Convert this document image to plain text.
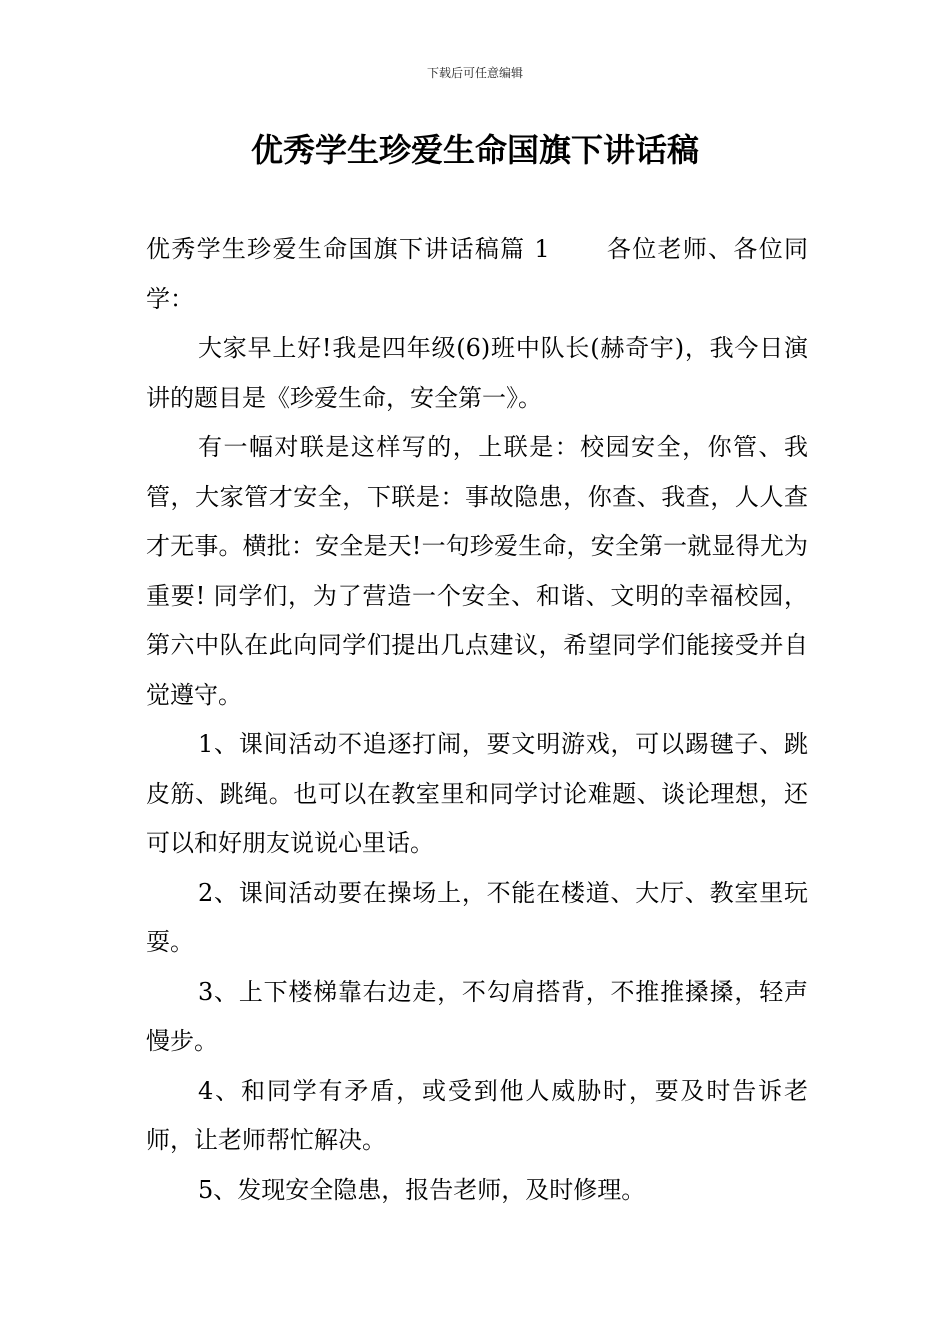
下载后可任意编辑
优秀学生珍爱生命国旗下讲话稿

优秀学生珍爱生命国旗下讲话稿篇 1 各位老师、各位同学：

大家早上好!我是四年级(6)班中队长(赫奇宇)，我今日演讲的题目是《珍爱生命，安全第一》。

有一幅对联是这样写的，上联是：校园安全，你管、我管，大家管才安全，下联是：事故隐患，你查、我查，人人查才无事。横批：安全是天!一句珍爱生命，安全第一就显得尤为重要! 同学们，为了营造一个安全、和谐、文明的幸福校园，第六中队在此向同学们提出几点建议，希望同学们能接受并自觉遵守。

1、课间活动不追逐打闹，要文明游戏，可以踢毽子、跳皮筋、跳绳。也可以在教室里和同学讨论难题、谈论理想，还可以和好朋友说说心里话。

2、课间活动要在操场上，不能在楼道、大厅、教室里玩耍。

3、上下楼梯靠右边走，不勾肩搭背，不推推搡搡，轻声慢步。

4、和同学有矛盾，或受到他人威胁时，要及时告诉老师，让老师帮忙解决。

5、发现安全隐患，报告老师，及时修理。
